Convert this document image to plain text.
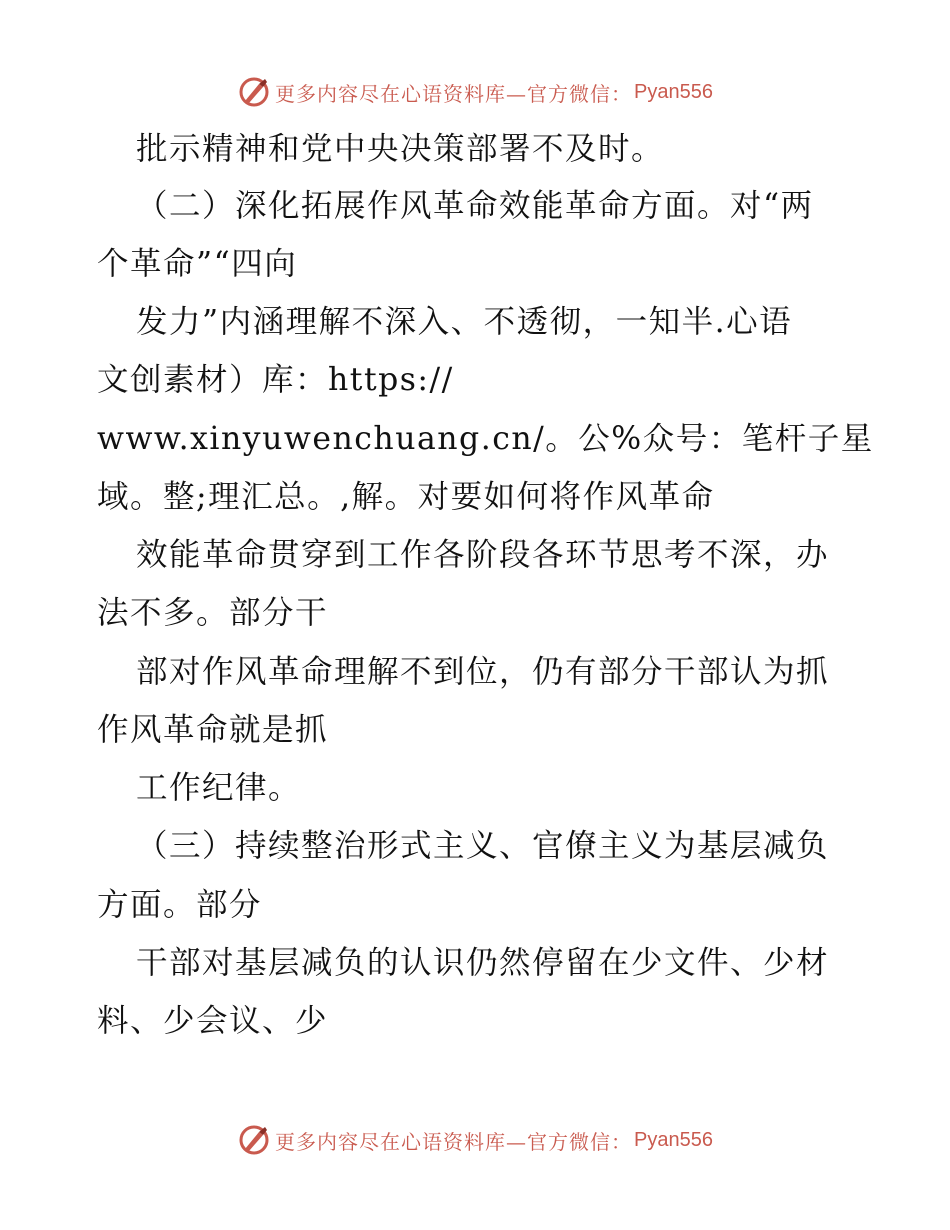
更多内容尽在心语资料库—官方微信： Pyan556
批示精神和党中央决策部署不及时。
（二）深化拓展作风革命效能革命方面。对“两
个革命”“四向
发力”内涵理解不深入、不透彻，一知半.心语
文创素材）库：https://
www.xinyuwenchuang.cn/。公%众号：笔杆子星
域。整;理汇总。,解。对要如何将作风革命
效能革命贯穿到工作各阶段各环节思考不深，办
法不多。部分干
部对作风革命理解不到位，仍有部分干部认为抓
作风革命就是抓
工作纪律。
（三）持续整治形式主义、官僚主义为基层减负
方面。部分
干部对基层减负的认识仍然停留在少文件、少材
料、少会议、少
更多内容尽在心语资料库—官方微信： Pyan556
